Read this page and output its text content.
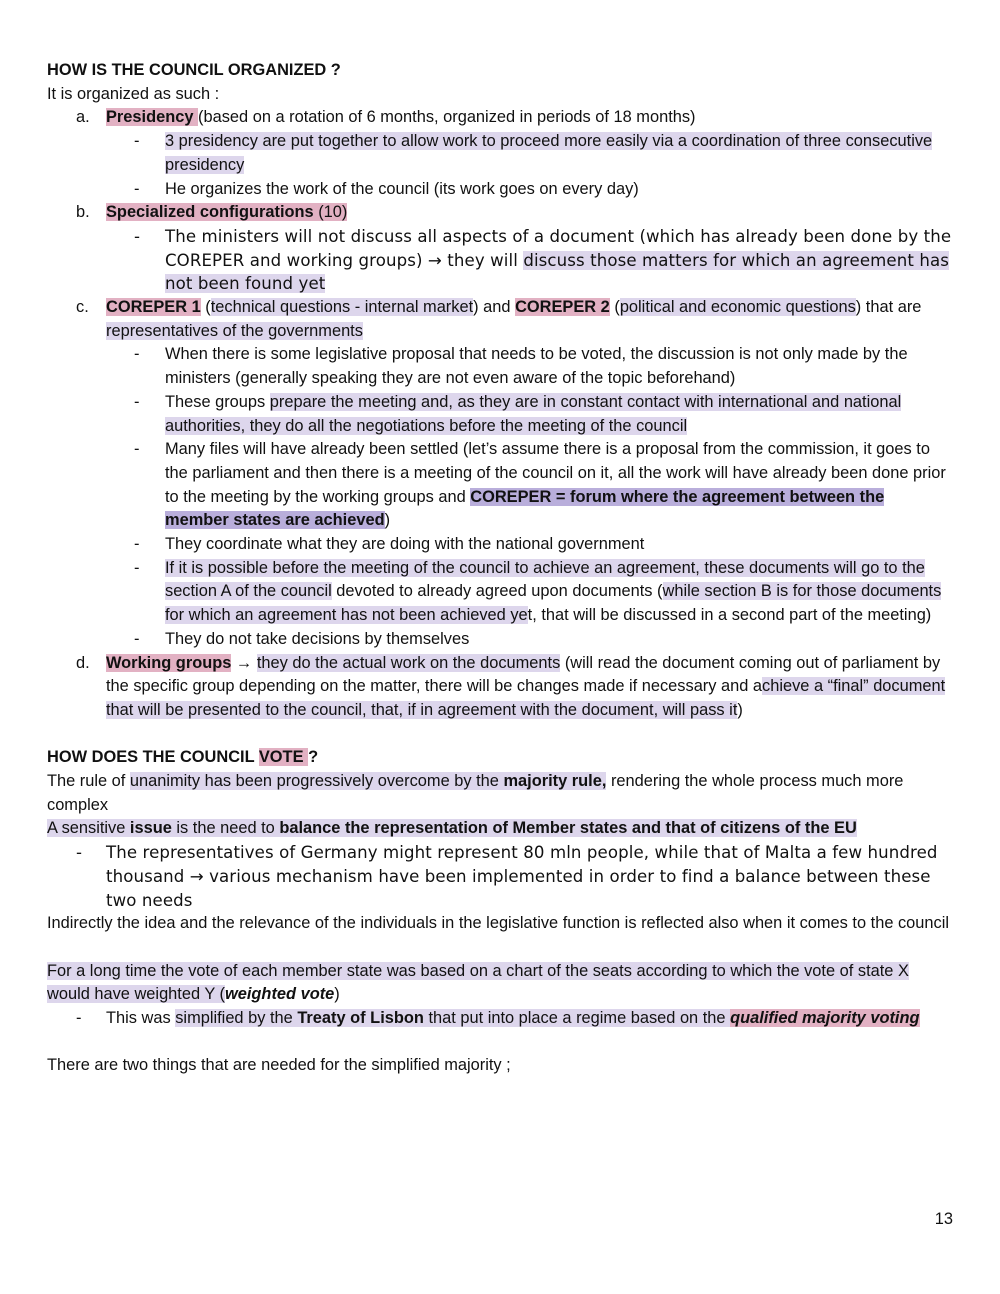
HOW IS THE COUNCIL ORGANIZED ?
It is organized as such :
a. Presidency (based on a rotation of 6 months, organized in periods of 18 months)
- 3 presidency are put together to allow work to proceed more easily via a coordination of three consecutive presidency
- He organizes the work of the council (its work goes on every day)
b. Specialized configurations (10)
- The ministers will not discuss all aspects of a document (which has already been done by the COREPER and working groups) → they will discuss those matters for which an agreement has not been found yet
c. COREPER 1 (technical questions - internal market) and COREPER 2 (political and economic questions) that are representatives of the governments
- When there is some legislative proposal that needs to be voted, the discussion is not only made by the ministers (generally speaking they are not even aware of the topic beforehand)
- These groups prepare the meeting and, as they are in constant contact with international and national authorities, they do all the negotiations before the meeting of the council
- Many files will have already been settled (let’s assume there is a proposal from the commission, it goes to the parliament and then there is a meeting of the council on it, all the work will have already been done prior to the meeting by the working groups and COREPER = forum where the agreement between the member states are achieved)
- They coordinate what they are doing with the national government
- If it is possible before the meeting of the council to achieve an agreement, these documents will go to the section A of the council devoted to already agreed upon documents (while section B is for those documents for which an agreement has not been achieved yet, that will be discussed in a second part of the meeting)
- They do not take decisions by themselves
d. Working groups → they do the actual work on the documents (will read the document coming out of parliament by the specific group depending on the matter, there will be changes made if necessary and achieve a “final” document that will be presented to the council, that, if in agreement with the document, will pass it)
HOW DOES THE COUNCIL VOTE ?
The rule of unanimity has been progressively overcome by the majority rule, rendering the whole process much more complex
A sensitive issue is the need to balance the representation of Member states and that of citizens of the EU
- The representatives of Germany might represent 80 mln people, while that of Malta a few hundred thousand → various mechanism have been implemented in order to find a balance between these two needs
Indirectly the idea and the relevance of the individuals in the legislative function is reflected also when it comes to the council
For a long time the vote of each member state was based on a chart of the seats according to which the vote of state X would have weighted Y (weighted vote)
- This was simplified by the Treaty of Lisbon that put into place a regime based on the qualified majority voting
There are two things that are needed for the simplified majority ;
13
